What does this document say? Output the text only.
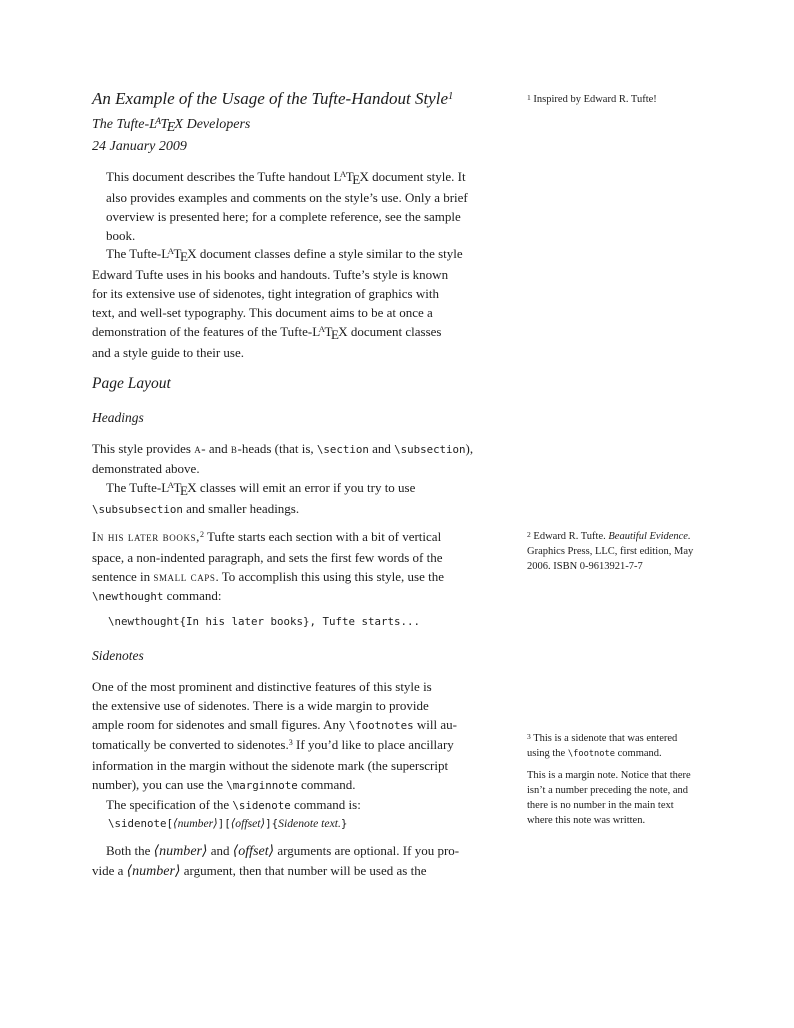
An Example of the Usage of the Tufte-Handout Style$^1$
The Tufte-LATEX Developers
24 January 2009
This document describes the Tufte handout LATEX document style. It
also provides examples and comments on the style’s use. Only a brief
overview is presented here; for a complete reference, see the sample
book.
The Tufte-LATEX document classes define a style similar to the style
Edward Tufte uses in his books and handouts. Tufte’s style is known
for its extensive use of sidenotes, tight integration of graphics with
text, and well-set typography. This document aims to be at once a
demonstration of the features of the Tufte-LATEX document classes
and a style guide to their use.
Page Layout
Headings
This style provides a- and b-heads (that is, \section and \subsection),
demonstrated above.
The Tufte-LATEX classes will emit an error if you try to use
\subsubsection and smaller headings.
In his later books,$^2$ Tufte starts each section with a bit of vertical
space, a non-indented paragraph, and sets the first few words of the
sentence in small caps. To accomplish this using this style, use the
\newthought command:
\newthought{In his later books}, Tufte starts...
Sidenotes
One of the most prominent and distinctive features of this style is
the extensive use of sidenotes. There is a wide margin to provide
ample room for sidenotes and small figures. Any \footnotes will au-
tomatically be converted to sidenotes.$^3$ If you’d like to place ancillary
information in the margin without the sidenote mark (the superscript
number), you can use the \marginnote command.
The specification of the \sidenote command is:
\sidenote[⟨number⟩][⟨offset⟩]{Sidenote text.}
Both the ⟨number⟩ and ⟨offset⟩ arguments are optional. If you pro-
vide a ⟨number⟩ argument, then that number will be used as the
$^1$ Inspired by Edward R. Tufte!
$^2$ Edward R. Tufte. Beautiful Evidence.
Graphics Press, LLC, first edition, May
2006. ISBN 0-9613921-7-7
$^3$ This is a sidenote that was entered
using the \footnote command.
This is a margin note. Notice that there
isn’t a number preceding the note, and
there is no number in the main text
where this note was written.
